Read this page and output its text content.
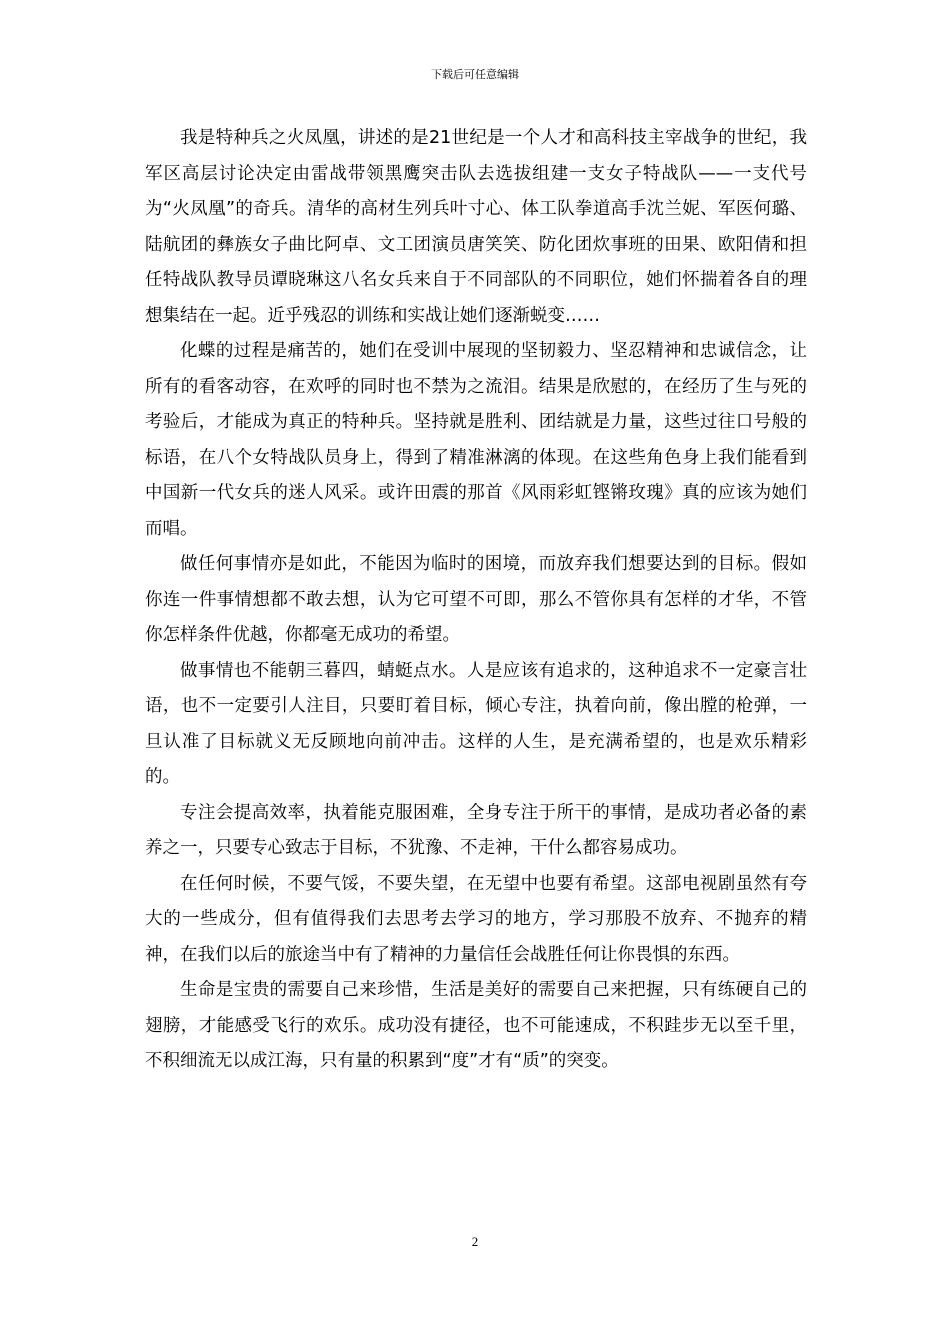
下载后可任意编辑

我是特种兵之火凤凰，讲述的是21世纪是一个人才和高科技主宰战争的世纪，我军区高层讨论决定由雷战带领黑鹰突击队去选拔组建一支女子特战队——一支代号为“火凤凰”的奇兵。清华的高材生列兵叶寸心、体工队拳道高手沈兰妮、军医何璐、陆航团的彝族女子曲比阿卓、文工团演员唐笑笑、防化团炊事班的田果、欧阳倩和担任特战队教导员谭晓琳这八名女兵来自于不同部队的不同职位，她们怀揣着各自的理想集结在一起。近乎残忍的训练和实战让她们逐渐蜕变……

化蝶的过程是痛苦的，她们在受训中展现的坚韧毅力、坚忍精神和忠诚信念，让所有的看客动容，在欢呼的同时也不禁为之流泪。结果是欣慰的，在经历了生与死的考验后，才能成为真正的特种兵。坚持就是胜利、团结就是力量，这些过往口号般的标语，在八个女特战队员身上，得到了精准淋漓的体现。在这些角色身上我们能看到中国新一代女兵的迷人风采。或许田震的那首《风雨彩虹铿锵玫瑰》真的应该为她们而唱。

做任何事情亦是如此，不能因为临时的困境，而放弃我们想要达到的目标。假如你连一件事情想都不敢去想，认为它可望不可即，那么不管你具有怎样的才华，不管你怎样条件优越，你都毫无成功的希望。

做事情也不能朝三暮四，蜻蜓点水。人是应该有追求的，这种追求不一定豪言壮语，也不一定要引人注目，只要盯着目标，倾心专注，执着向前，像出膛的枪弹，一旦认准了目标就义无反顾地向前冲击。这样的人生，是充满希望的，也是欢乐精彩的。

专注会提高效率，执着能克服困难，全身专注于所干的事情，是成功者必备的素养之一，只要专心致志于目标，不犹豫、不走神，干什么都容易成功。

在任何时候，不要气馁，不要失望，在无望中也要有希望。这部电视剧虽然有夸大的一些成分，但有值得我们去思考去学习的地方，学习那股不放弃、不抛弃的精神，在我们以后的旅途当中有了精神的力量信任会战胜任何让你畏惧的东西。

生命是宝贵的需要自己来珍惜，生活是美好的需要自己来把握，只有练硬自己的翅膀，才能感受飞行的欢乐。成功没有捷径，也不可能速成，不积跬步无以至千里，不积细流无以成江海，只有量的积累到“度”才有“质”的突变。

2
